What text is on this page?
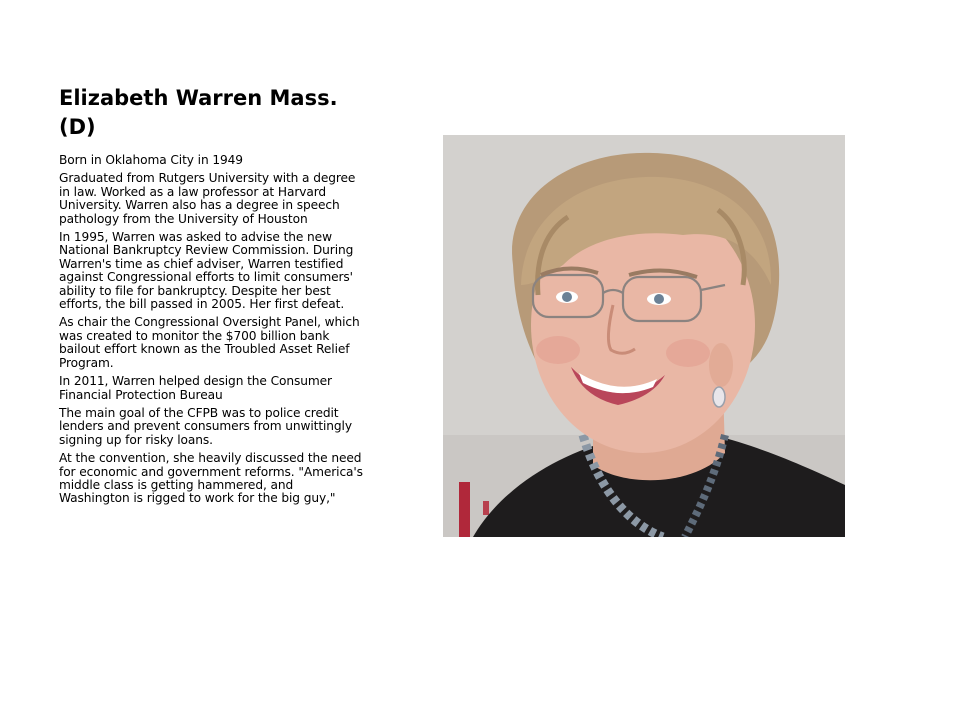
Elizabeth Warren Mass. (D)
Born in Oklahoma City in 1949
Graduated from Rutgers University with a degree in law. Worked as a law professor at Harvard University. Warren also has a degree in speech pathology from the University of Houston
In 1995, Warren was asked to advise the new National Bankruptcy Review Commission. During Warren's time as chief adviser, Warren testified against Congressional efforts to limit consumers' ability to file for bankruptcy. Despite her best efforts, the bill passed in 2005. Her first defeat.
As chair the Congressional Oversight Panel, which was created to monitor the $700 billion bank bailout effort known as the Troubled Asset Relief Program.
In 2011, Warren helped design the Consumer Financial Protection Bureau
The main goal of the CFPB was to police credit lenders and prevent consumers from unwittingly signing up for risky loans.
At the convention, she heavily discussed the need for economic and government reforms. "America's middle class is getting hammered, and Washington is rigged to work for the big guy,"
